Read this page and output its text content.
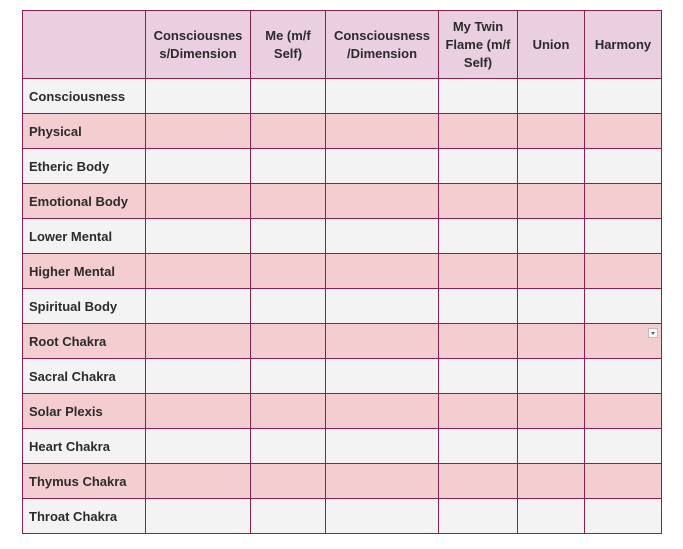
	Consciousnes s/Dimension	Me (m/f Self)	Consciousness /Dimension	My Twin Flame (m/f Self)	Union	Harmony
Consciousness						
Physical						
Etheric Body						
Emotional Body						
Lower Mental						
Higher Mental						
Spiritual Body						
Root Chakra						

Sacral Chakra						
Solar Plexis						
Heart Chakra						
Thymus Chakra						
Throat Chakra						
